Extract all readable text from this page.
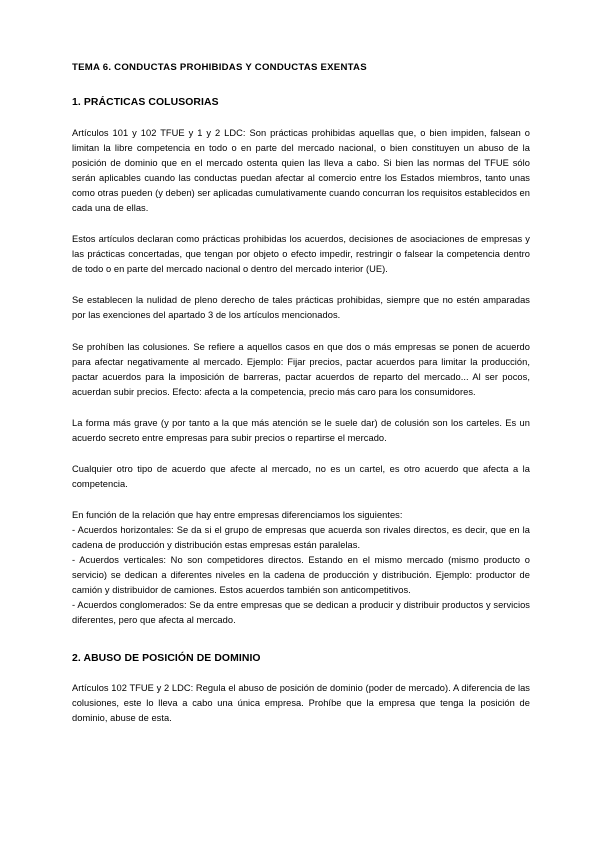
TEMA 6. CONDUCTAS PROHIBIDAS Y CONDUCTAS EXENTAS
1. PRÁCTICAS COLUSORIAS

Artículos 101 y 102 TFUE y 1 y 2 LDC: Son prácticas prohibidas aquellas que, o bien impiden, falsean o limitan la libre competencia en todo o en parte del mercado nacional, o bien constituyen un abuso de la posición de dominio que en el mercado ostenta quien las lleva a cabo. Si bien las normas del TFUE sólo serán aplicables cuando las conductas puedan afectar al comercio entre los Estados miembros, tanto unas como otras pueden (y deben) ser aplicadas cumulativamente cuando concurran los requisitos establecidos en cada una de ellas.

Estos artículos declaran como prácticas prohibidas los acuerdos, decisiones de asociaciones de empresas y las prácticas concertadas, que tengan por objeto o efecto impedir, restringir o falsear la competencia dentro de todo o en parte del mercado nacional o dentro del mercado interior (UE).

Se establecen la nulidad de pleno derecho de tales prácticas prohibidas, siempre que no estén amparadas por las exenciones del apartado 3 de los artículos mencionados.

Se prohíben las colusiones. Se refiere a aquellos casos en que dos o más empresas se ponen de acuerdo para afectar negativamente al mercado. Ejemplo: Fijar precios, pactar acuerdos para limitar la producción, pactar acuerdos para la imposición de barreras, pactar acuerdos de reparto del mercado... Al ser pocos, acuerdan subir precios. Efecto: afecta a la competencia, precio más caro para los consumidores.

La forma más grave (y por tanto a la que más atención se le suele dar) de colusión son los carteles. Es un acuerdo secreto entre empresas para subir precios o repartirse el mercado.

Cualquier otro tipo de acuerdo que afecte al mercado, no es un cartel, es otro acuerdo que afecta a la competencia.

En función de la relación que hay entre empresas diferenciamos los siguientes:

- Acuerdos horizontales: Se da si el grupo de empresas que acuerda son rivales directos, es decir, que en la cadena de producción y distribución estas empresas están paralelas.
- Acuerdos verticales: No son competidores directos. Estando en el mismo mercado (mismo producto o servicio) se dedican a diferentes niveles en la cadena de producción y distribución. Ejemplo: productor de camión y distribuidor de camiones. Estos acuerdos también son anticompetitivos.
- Acuerdos conglomerados: Se da entre empresas que se dedican a producir y distribuir productos y servicios diferentes, pero que afecta al mercado.

2. ABUSO DE POSICIÓN DE DOMINIO

Artículos 102 TFUE y 2 LDC: Regula el abuso de posición de dominio (poder de mercado). A diferencia de las colusiones, este lo lleva a cabo una única empresa. Prohíbe que la empresa que tenga la posición de dominio, abuse de esta.
